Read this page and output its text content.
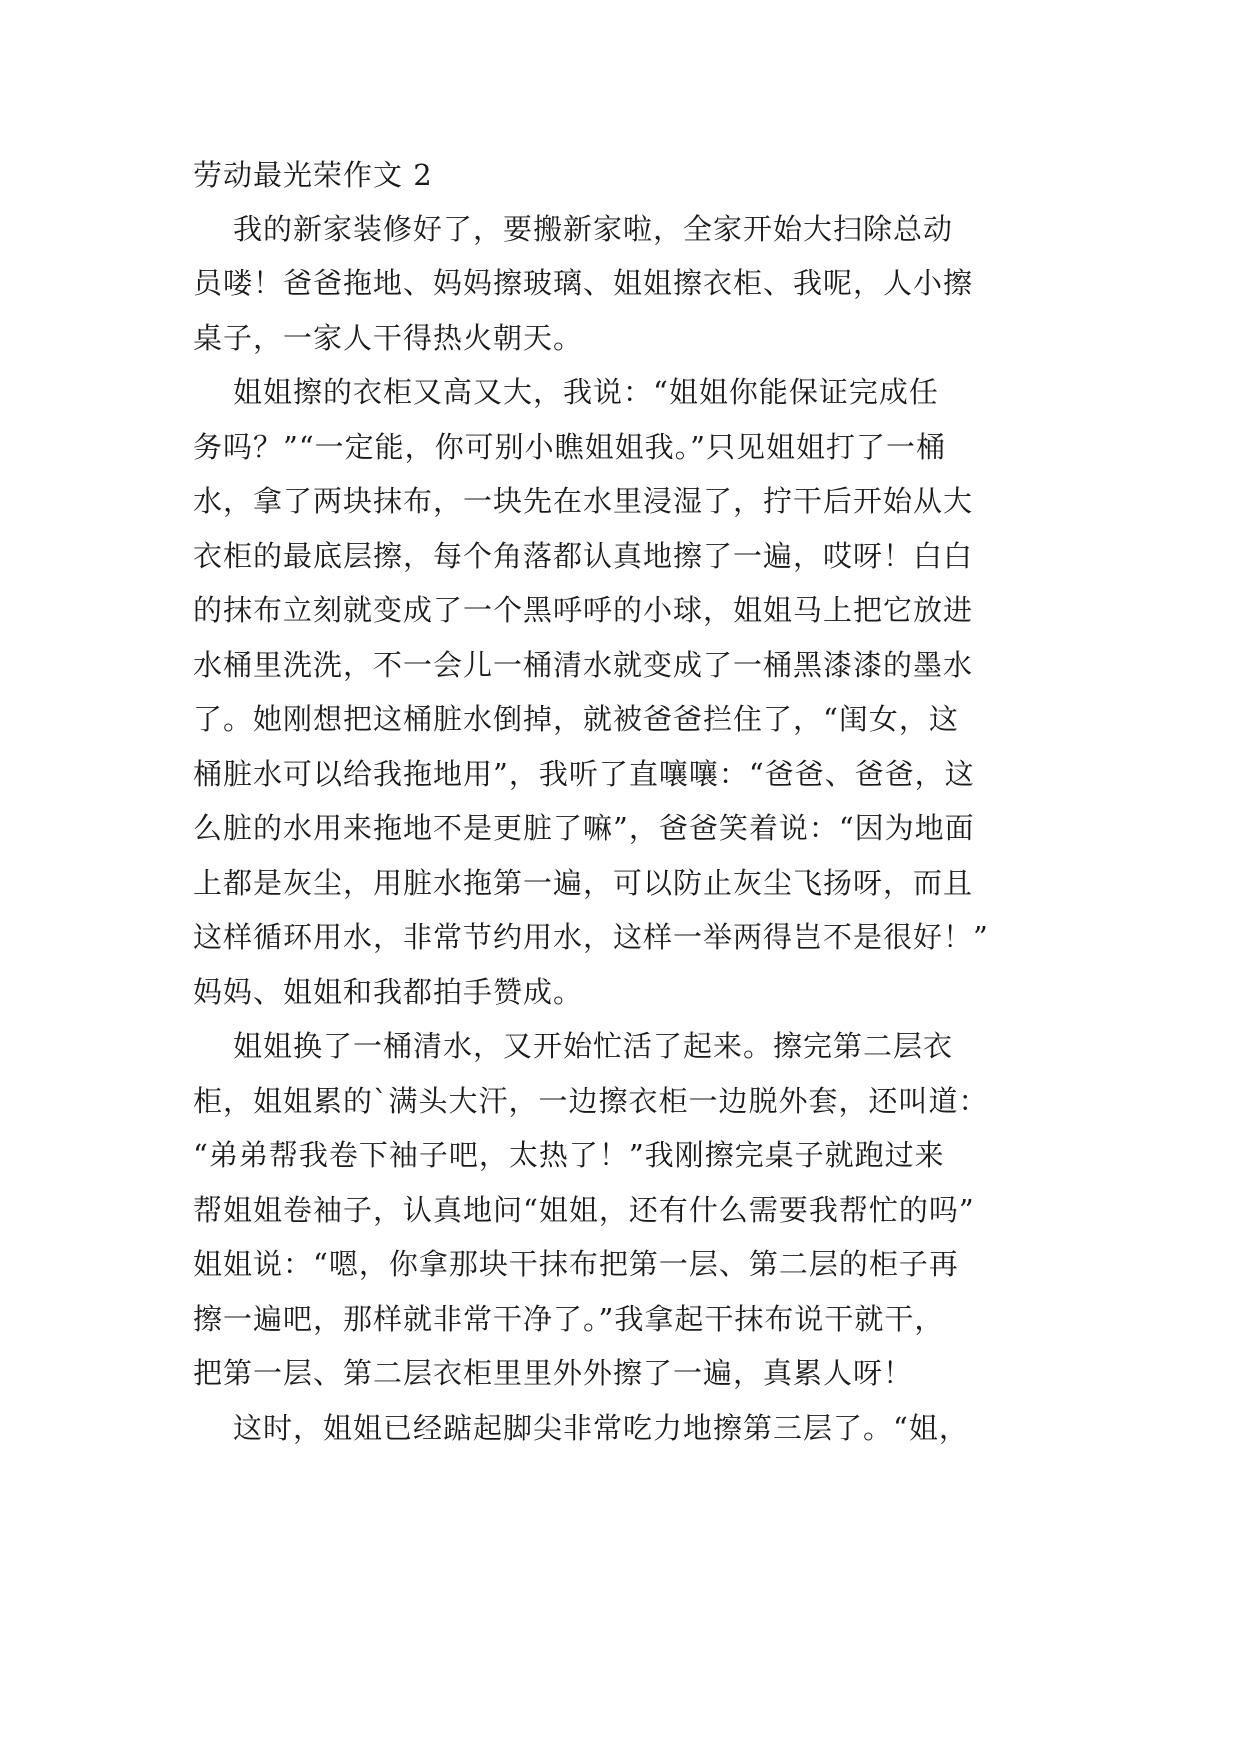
劳动最光荣作文 2
我的新家装修好了，要搬新家啦，全家开始大扫除总动
员喽！爸爸拖地、妈妈擦玻璃、姐姐擦衣柜、我呢，人小擦
桌子，一家人干得热火朝天。
姐姐擦的衣柜又高又大，我说：“姐姐你能保证完成任
务吗？”“一定能，你可别小瞧姐姐我。”只见姐姐打了一桶
水，拿了两块抹布，一块先在水里浸湿了，拧干后开始从大
衣柜的最底层擦，每个角落都认真地擦了一遍，哎呀！白白
的抹布立刻就变成了一个黑呼呼的小球，姐姐马上把它放进
水桶里洗洗，不一会儿一桶清水就变成了一桶黑漆漆的墨水
了。她刚想把这桶脏水倒掉，就被爸爸拦住了，“闺女，这
桶脏水可以给我拖地用”，我听了直嚷嚷：“爸爸、爸爸，这
么脏的水用来拖地不是更脏了嘛”，爸爸笑着说：“因为地面
上都是灰尘，用脏水拖第一遍，可以防止灰尘飞扬呀，而且
这样循环用水，非常节约用水，这样一举两得岂不是很好！”
妈妈、姐姐和我都拍手赞成。
姐姐换了一桶清水，又开始忙活了起来。擦完第二层衣
柜，姐姐累的`满头大汗，一边擦衣柜一边脱外套，还叫道：
“弟弟帮我卷下袖子吧，太热了！”我刚擦完桌子就跑过来
帮姐姐卷袖子，认真地问“姐姐，还有什么需要我帮忙的吗”
姐姐说：“嗯，你拿那块干抹布把第一层、第二层的柜子再
擦一遍吧，那样就非常干净了。”我拿起干抹布说干就干，
把第一层、第二层衣柜里里外外擦了一遍，真累人呀！
这时，姐姐已经踮起脚尖非常吃力地擦第三层了。“姐，
